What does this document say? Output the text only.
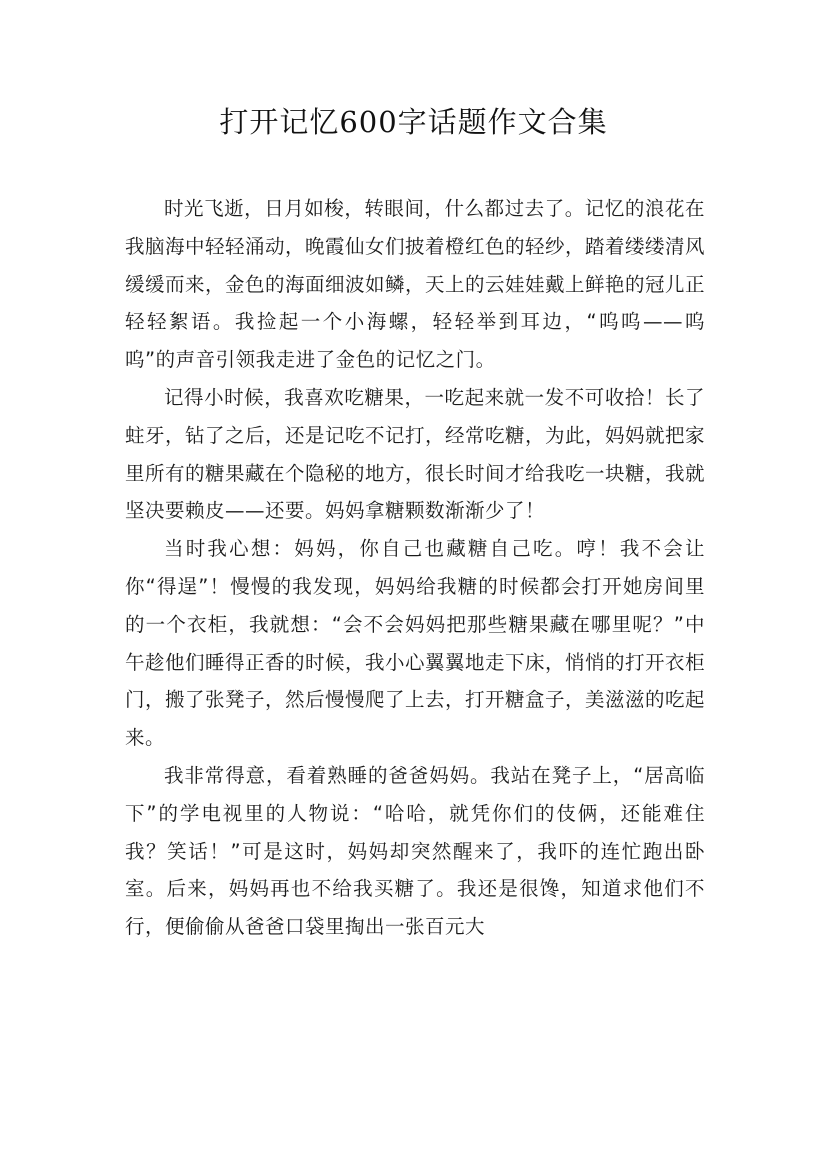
打开记忆600字话题作文合集

时光飞逝，日月如梭，转眼间，什么都过去了。记忆的浪花在我脑海中轻轻涌动，晚霞仙女们披着橙红色的轻纱，踏着缕缕清风缓缓而来，金色的海面细波如鳞，天上的云娃娃戴上鲜艳的冠儿正轻轻絮语。我捡起一个小海螺，轻轻举到耳边，“呜呜——呜呜”的声音引领我走进了金色的记忆之门。

记得小时候，我喜欢吃糖果，一吃起来就一发不可收拾！长了蛀牙，钻了之后，还是记吃不记打，经常吃糖，为此，妈妈就把家里所有的糖果藏在个隐秘的地方，很长时间才给我吃一块糖，我就坚决要赖皮——还要。妈妈拿糖颗数渐渐少了！

当时我心想：妈妈，你自己也藏糖自己吃。哼！我不会让你“得逞”！慢慢的我发现，妈妈给我糖的时候都会打开她房间里的一个衣柜，我就想：“会不会妈妈把那些糖果藏在哪里呢？”中午趁他们睡得正香的时候，我小心翼翼地走下床，悄悄的打开衣柜门，搬了张凳子，然后慢慢爬了上去，打开糖盒子，美滋滋的吃起来。

我非常得意，看着熟睡的爸爸妈妈。我站在凳子上，“居高临下”的学电视里的人物说：“哈哈，就凭你们的伎俩，还能难住我？笑话！”可是这时，妈妈却突然醒来了，我吓的连忙跑出卧室。后来，妈妈再也不给我买糖了。我还是很馋，知道求他们不行，便偷偷从爸爸口袋里掏出一张百元大
